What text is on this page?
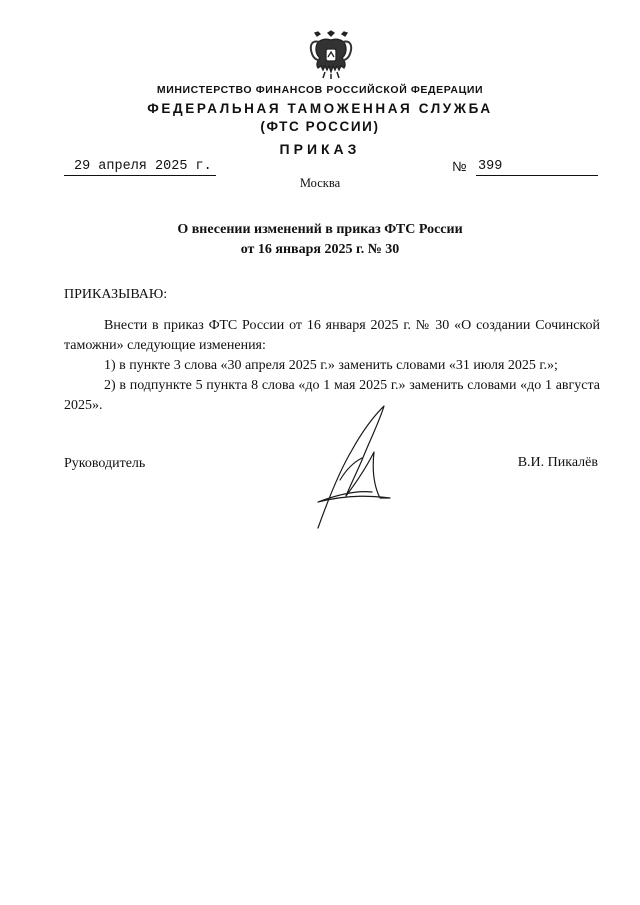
МИНИСТЕРСТВО ФИНАНСОВ РОССИЙСКОЙ ФЕДЕРАЦИИ
ФЕДЕРАЛЬНАЯ ТАМОЖЕННАЯ СЛУЖБА
(ФТС РОССИИ)
ПРИКАЗ
29 апреля 2025 г.	№ 399
Москва
О внесении изменений в приказ ФТС России
от 16 января 2025 г. № 30
ПРИКАЗЫВАЮ:
Внести в приказ ФТС России от 16 января 2025 г. № 30 «О создании Сочинской таможни» следующие изменения:
1) в пункте 3 слова «30 апреля 2025 г.» заменить словами «31 июля 2025 г.»;
2) в подпункте 5 пункта 8 слова «до 1 мая 2025 г.» заменить словами «до 1 августа 2025».
Руководитель	В.И. Пикалёв
